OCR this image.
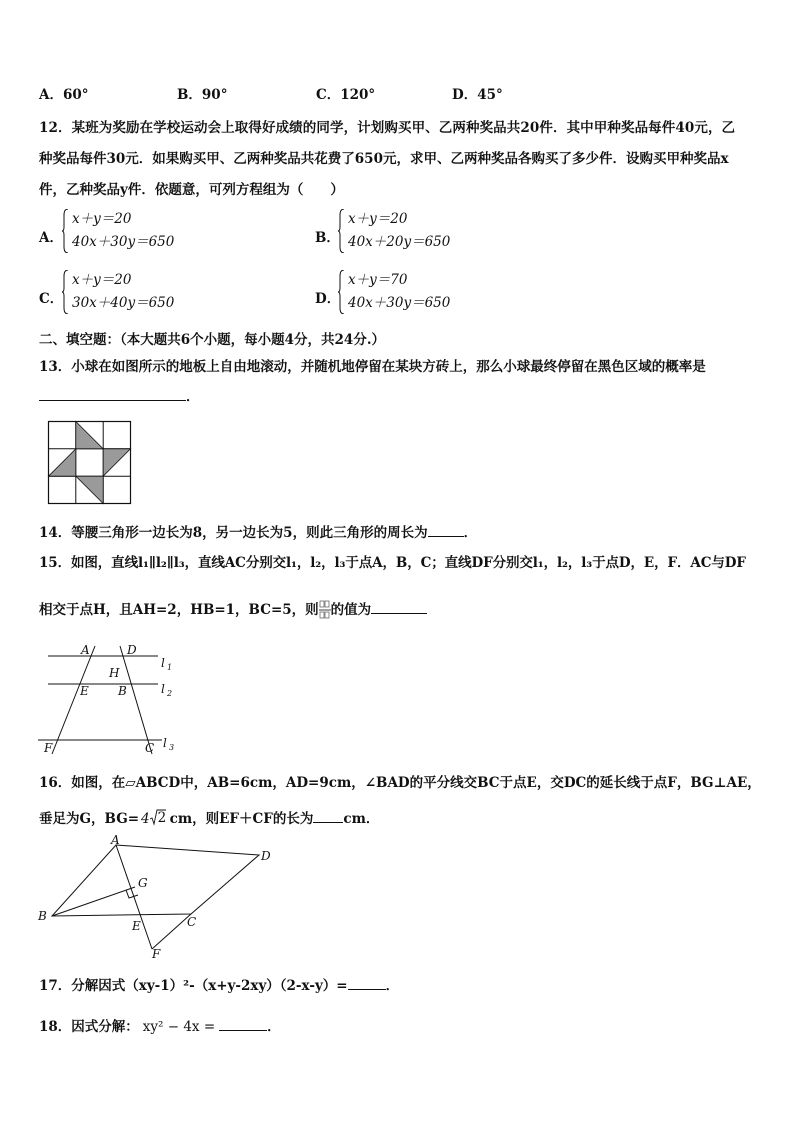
A．60°	B．90°	C．120°	D．45°
12．某班为奖励在学校运动会上取得好成绩的同学，计划购买甲、乙两种奖品共20件．其中甲种奖品每件40元，乙
种奖品每件30元．如果购买甲、乙两种奖品共花费了650元，求甲、乙两种奖品各购买了多少件．设购买甲种奖品x
件，乙种奖品y件．依题意，可列方程组为（　　）
A．
x＋y＝20
40x＋30y＝650	B．
x＋y＝20
40x＋20y＝650
C．
x＋y＝20
30x＋40y＝650	D．
x＋y＝70
40x＋30y＝650
二、填空题：（本大题共6个小题，每小题4分，共24分.）
13．小球在如图所示的地板上自由地滚动，并随机地停留在某块方砖上，那么小球最终停留在黑色区域的概率是
．
14．等腰三角形一边长为8，另一边长为5，则此三角形的周长为	．
15．如图，直线l₁∥l₂∥l₃，直线AC分别交l₁，l₂，l₃于点A，B，C；直线DF分别交l₁，l₂，l₃于点D，E，F．AC与DF
相交于点H，且AH=2，HB=1，BC=5，则 的值为
A	D
H
E B
F	C
l 1
l 2
l 3
16．如图，在▱ABCD中，AB=6cm，AD=9cm，∠BAD的平分线交BC于点E，交DC的延长线于点F，BG⊥AE，
垂足为G，BG= 4 2 cm，则EF＋CF的长为 cm．
A
D
G
B
E	C
F
17．分解因式（xy-1）²-（x+y-2xy）（2-x-y）=	．
18．因式分解： xy² − 4x =	．
